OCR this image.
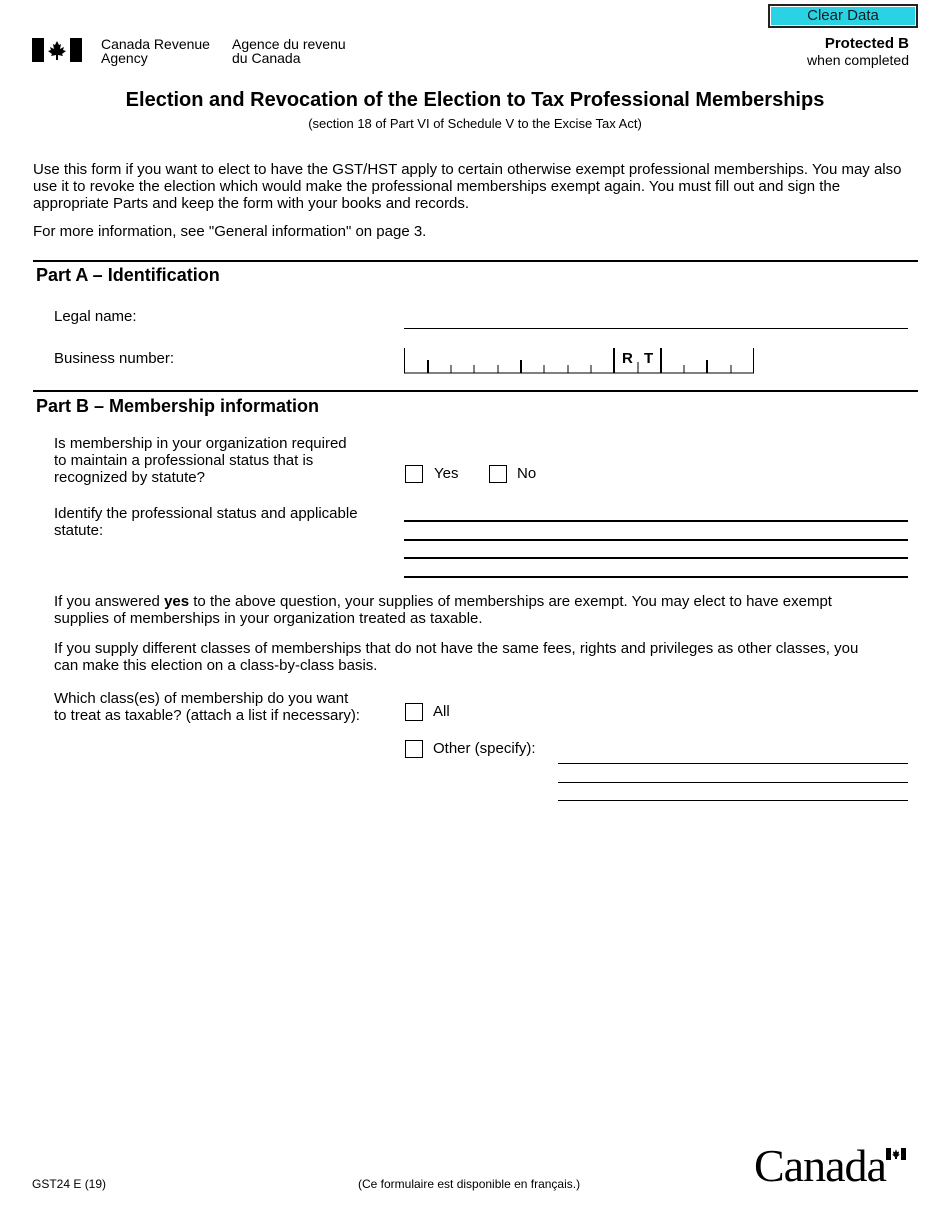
Clear Data
Canada Revenue
Agency
Agence du revenu
du Canada
Protected B
when completed
Election and Revocation of the Election to Tax Professional Memberships
(section 18 of Part VI of Schedule V to the Excise Tax Act)
Use this form if you want to elect to have the GST/HST apply to certain otherwise exempt professional memberships. You may also use it to revoke the election which would make the professional memberships exempt again. You must fill out and sign the appropriate Parts and keep the form with your books and records.
For more information, see "General information" on page 3.
Part A – Identification
Legal name:
Business number:	R T
Part B – Membership information
Is membership in your organization required
to maintain a professional status that is
recognized by statute?	Yes	No
Identify the professional status and applicable
statute:
If you answered yes to the above question, your supplies of memberships are exempt. You may elect to have exempt supplies of memberships in your organization treated as taxable.
If you supply different classes of memberships that do not have the same fees, rights and privileges as other classes, you can make this election on a class-by-class basis.
Which class(es) of membership do you want
to treat as taxable? (attach a list if necessary):	All
Other (specify):
GST24 E (19)	(Ce formulaire est disponible en français.)	Canada
